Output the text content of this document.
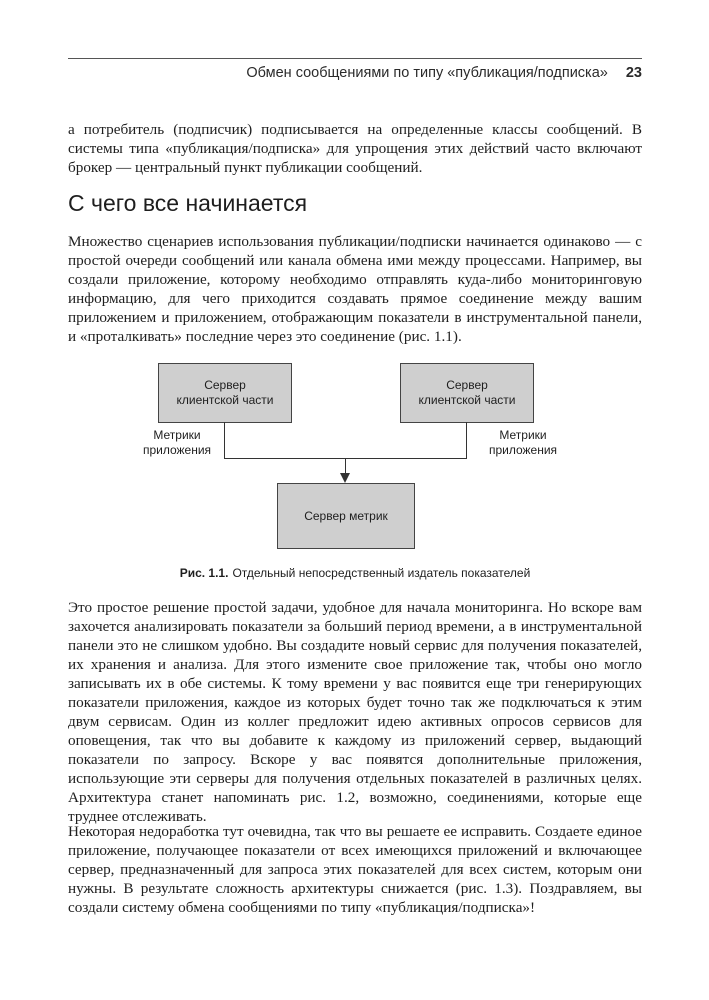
Обмен сообщениями по типу «публикация/подписка» 23

а потребитель (подписчик) подписывается на определенные классы сообщений. В системы типа «публикация/подписка» для упрощения этих действий часто включают брокер — центральный пункт публикации сообщений.

С чего все начинается

Множество сценариев использования публикации/подписки начинается одинаково — с простой очереди сообщений или канала обмена ими между процессами. Например, вы создали приложение, которому необходимо отправлять куда-либо мониторинговую информацию, для чего приходится создавать прямое соединение между вашим приложением и приложением, отображающим показатели в инструментальной панели, и «проталкивать» последние через это соединение (рис. 1.1).

Сервер
клиентской части
Сервер
клиентской части
Метрики
приложения
Метрики
приложения
Сервер метрик
Рис. 1.1. Отдельный непосредственный издатель показателей

Это простое решение простой задачи, удобное для начала мониторинга. Но вскоре вам захочется анализировать показатели за больший период времени, а в инструментальной панели это не слишком удобно. Вы создадите новый сервис для получения показателей, их хранения и анализа. Для этого измените свое приложение так, чтобы оно могло записывать их в обе системы. К тому времени у вас появится еще три генерирующих показатели приложения, каждое из которых будет точно так же подключаться к этим двум сервисам. Один из коллег предложит идею активных опросов сервисов для оповещения, так что вы добавите к каждому из приложений сервер, выдающий показатели по запросу. Вскоре у вас появятся дополнительные приложения, использующие эти серверы для получения отдельных показателей в различных целях. Архитектура станет напоминать рис. 1.2, возможно, соединениями, которые еще труднее отслеживать.

Некоторая недоработка тут очевидна, так что вы решаете ее исправить. Создаете единое приложение, получающее показатели от всех имеющихся приложений и включающее сервер, предназначенный для запроса этих показателей для всех систем, которым они нужны. В результате сложность архитектуры снижается (рис. 1.3). Поздравляем, вы создали систему обмена сообщениями по типу «публикация/подписка»!
